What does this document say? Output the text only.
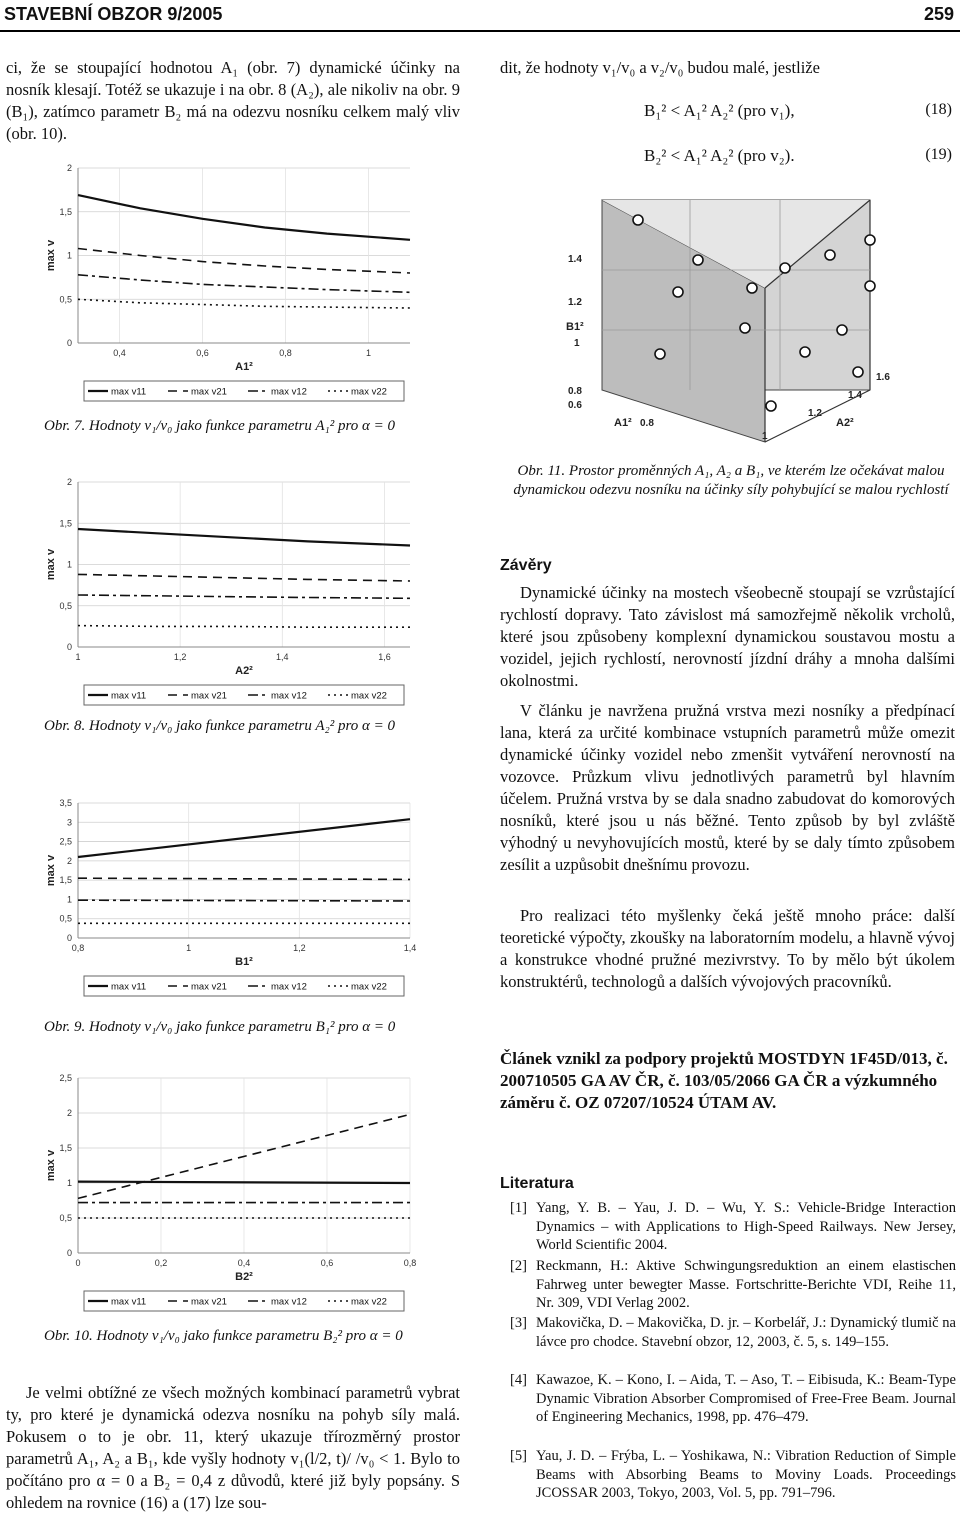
STAVEBNÍ OBZOR 9/2005	259
ci, že se stoupající hodnotou A₁ (obr. 7) dynamické účinky na nosník klesají. Totéž se ukazuje i na obr. 8 (A₂), ale nikoliv na obr. 9 (B₁), zatímco parametr B₂ má na odezvu nosníku celkem malý vliv (obr. 10).
dit, že hodnoty v₁/v₀ a v₂/v₀ budou malé, jestliže
B₁² < A₁² A₂² (pro v₁),	(18)
B₂² < A₁² A₂² (pro v₂).	(19)
0
0,5
1
1,5
2
0,4	0,6	0,8	1
max v
A1²
max v11	max v21	max v12	max v22
Obr. 7. Hodnoty v₁/v₀ jako funkce parametru A₁² pro α = 0
0
0,5
1
1,5
2
1	1,2	1,4	1,6
max v
A2²
max v11	max v21	max v12	max v22
Obr. 8. Hodnoty v₁/v₀ jako funkce parametru A₂² pro α = 0
0
0,5
1
1,5
2
2,5
3
3,5
0,8	1	1,2	1,4
max v
B1²
max v11	max v21	max v12	max v22
Obr. 9. Hodnoty v₁/v₀ jako funkce parametru B₁² pro α = 0
0
0,5
1
1,5
2
2,5
0	0,2	0,4	0,6	0,8
max v
B2²
max v11	max v21	max v12	max v22
Obr. 10. Hodnoty v₁/v₀ jako funkce parametru B₂² pro α = 0
Je velmi obtížné ze všech možných kombinací parametrů vybrat ty, pro které je dynamická odezva nosníku na pohyb síly malá. Pokusem o to je obr. 11, který ukazuje třírozměrný prostor parametrů A₁, A₂ a B₁, kde vyšly hodnoty v₁(l/2, t)/ /v₀ < 1. Bylo to počítáno pro α = 0 a B₂ = 0,4 z důvodů, které již byly popsány. S ohledem na rovnice (16) a (17) lze sou-
1.4
1.2
1
0.8
0.6
0.8
1
1.2
1.4
1.6
B1²
A1²	A2²
Obr. 11. Prostor proměnných A₁, A₂ a B₁, ve kterém lze očekávat malou dynamickou odezvu nosníku na účinky síly pohybující se malou rychlostí
Závěry
Dynamické účinky na mostech všeobecně stoupají se vzrůstající rychlostí dopravy. Tato závislost má samozřejmě několik vrcholů, které jsou způsobeny komplexní dynamickou soustavou mostu a vozidel, jejich rychlostí, nerovností jízdní dráhy a mnoha dalšími okolnostmi.
V článku je navržena pružná vrstva mezi nosníky a předpínací lana, která za určité kombinace vstupních parametrů může omezit dynamické účinky vozidel nebo zmenšit vytváření nerovností na vozovce. Průzkum vlivu jednotlivých parametrů byl hlavním účelem. Pružná vrstva by se dala snadno zabudovat do komorových nosníků, které jsou u nás běžné. Tento způsob by byl zvláště výhodný u nevyhovujících mostů, které by se daly tímto způsobem zesílit a uzpůsobit dnešnímu provozu.
Pro realizaci této myšlenky čeká ještě mnoho práce: další teoretické výpočty, zkoušky na laboratorním modelu, a hlavně vývoj a konstrukce vhodné pružné mezivrstvy. To by mělo být úkolem konstruktérů, technologů a dalších vývojových pracovníků.
Článek vznikl za podpory projektů MOSTDYN 1F45D/013, č. 200710505 GA AV ČR, č. 103/05/2066 GA ČR a výzkumného záměru č. OZ 07207/10524 ÚTAM AV.
Literatura
[1] Yang, Y. B. – Yau, J. D. – Wu, Y. S.: Vehicle-Bridge Interaction Dynamics – with Applications to High-Speed Railways. New Jersey, World Scientific 2004.
[2] Reckmann, H.: Aktive Schwingungsreduktion an einem elastischen Fahrweg unter bewegter Masse. Fortschritte-Berichte VDI, Reihe 11, Nr. 309, VDI Verlag 2002.
[3] Makovička, D. – Makovička, D. jr. – Korbelář, J.: Dynamický tlumič na lávce pro chodce. Stavební obzor, 12, 2003, č. 5, s. 149–155.
[4] Kawazoe, K. – Kono, I. – Aida, T. – Aso, T. – Eibisuda, K.: Beam-Type Dynamic Vibration Absorber Compromised of Free-Free Beam. Journal of Engineering Mechanics, 1998, pp. 476–479.
[5] Yau, J. D. – Frýba, L. – Yoshikawa, N.: Vibration Reduction of Simple Beams with Absorbing Beams to Moviny Loads. Proceedings JCOSSAR 2003, Tokyo, 2003, Vol. 5, pp. 791–796.
